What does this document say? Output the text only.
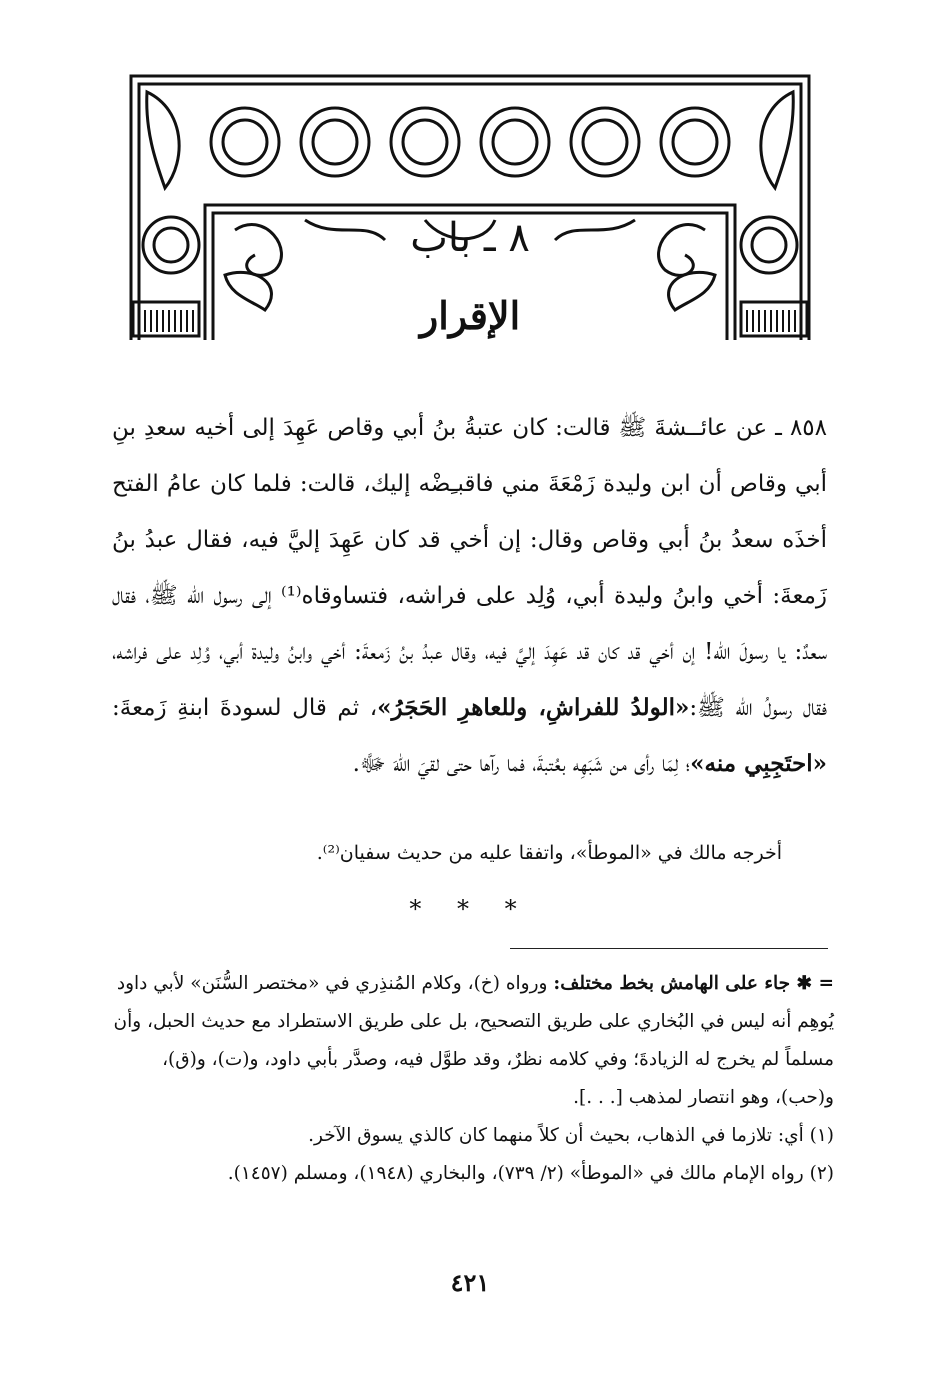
٨ ـ باب
الإقرار

٨٥٨ ـ عن عائــشةَ ﷺ قالت: كان عتبةُ بنُ أبي وقاص عَهِدَ إلى أخيه سعدِ بنِ أبي وقاص أن ابن وليدة زَمْعَةَ مني فاقبـِضْه إليك، قالت: فلما كان عامُ الفتح أخذَه سعدُ بنُ أبي وقاص وقال: إن أخي قد كان عَهِدَ إليَّ فيه، فقال عبدُ بنُ زَمعةَ: أخي وابنُ وليدة أبي، وُلِد على فراشه، فتساوقاه⁽¹⁾ إلى رسول الله ﷺ، فقال سعدٌ: يا رسولَ الله! إن أخي قد كان قد عَهِدَ إليَّ فيه، وقال عبدُ بنُ زَمعةَ: أخي وابنُ وليدة أبي، وُلِد على فراشه، فقال رسولُ الله ﷺ:«الولدُ للفراشِ، وللعاهرِ الحَجَرُ»، ثم قال لسودةَ ابنةِ زَمعةَ: «احتَجِبِي منه»؛ لِمَا رأى من شَبَهِه بعُتبةَ، فما رآها حتى لقيَ اللهَ ﷻ.

أخرجه مالك في «الموطأ»، واتفقا عليه من حديث سفيان⁽²⁾.
* * *

= ✱ جاء على الهامش بخط مختلف: ورواه (خ)، وكلام المُنذِري في «مختصر السُّنَن» لأبي داود يُوهِم أنه ليس في البُخاري على طريق التصحيح، بل على طريق الاستطراد مع حديث الحبل، وأن مسلماً لم يخرج له الزيادةَ؛ وفي كلامه نظرٌ، وقد طوَّل فيه، وصدَّر بأبي داود، و(ت)، و(ق)، و(حب)، وهو انتصار لمذهب [. . .].

(١) أي: تلازما في الذهاب، بحيث أن كلاً منهما كان كالذي يسوق الآخر.

(٢) رواه الإمام مالك في «الموطأ» (٢/ ٧٣٩)، والبخاري (١٩٤٨)، ومسلم (١٤٥٧).

٤٢١
